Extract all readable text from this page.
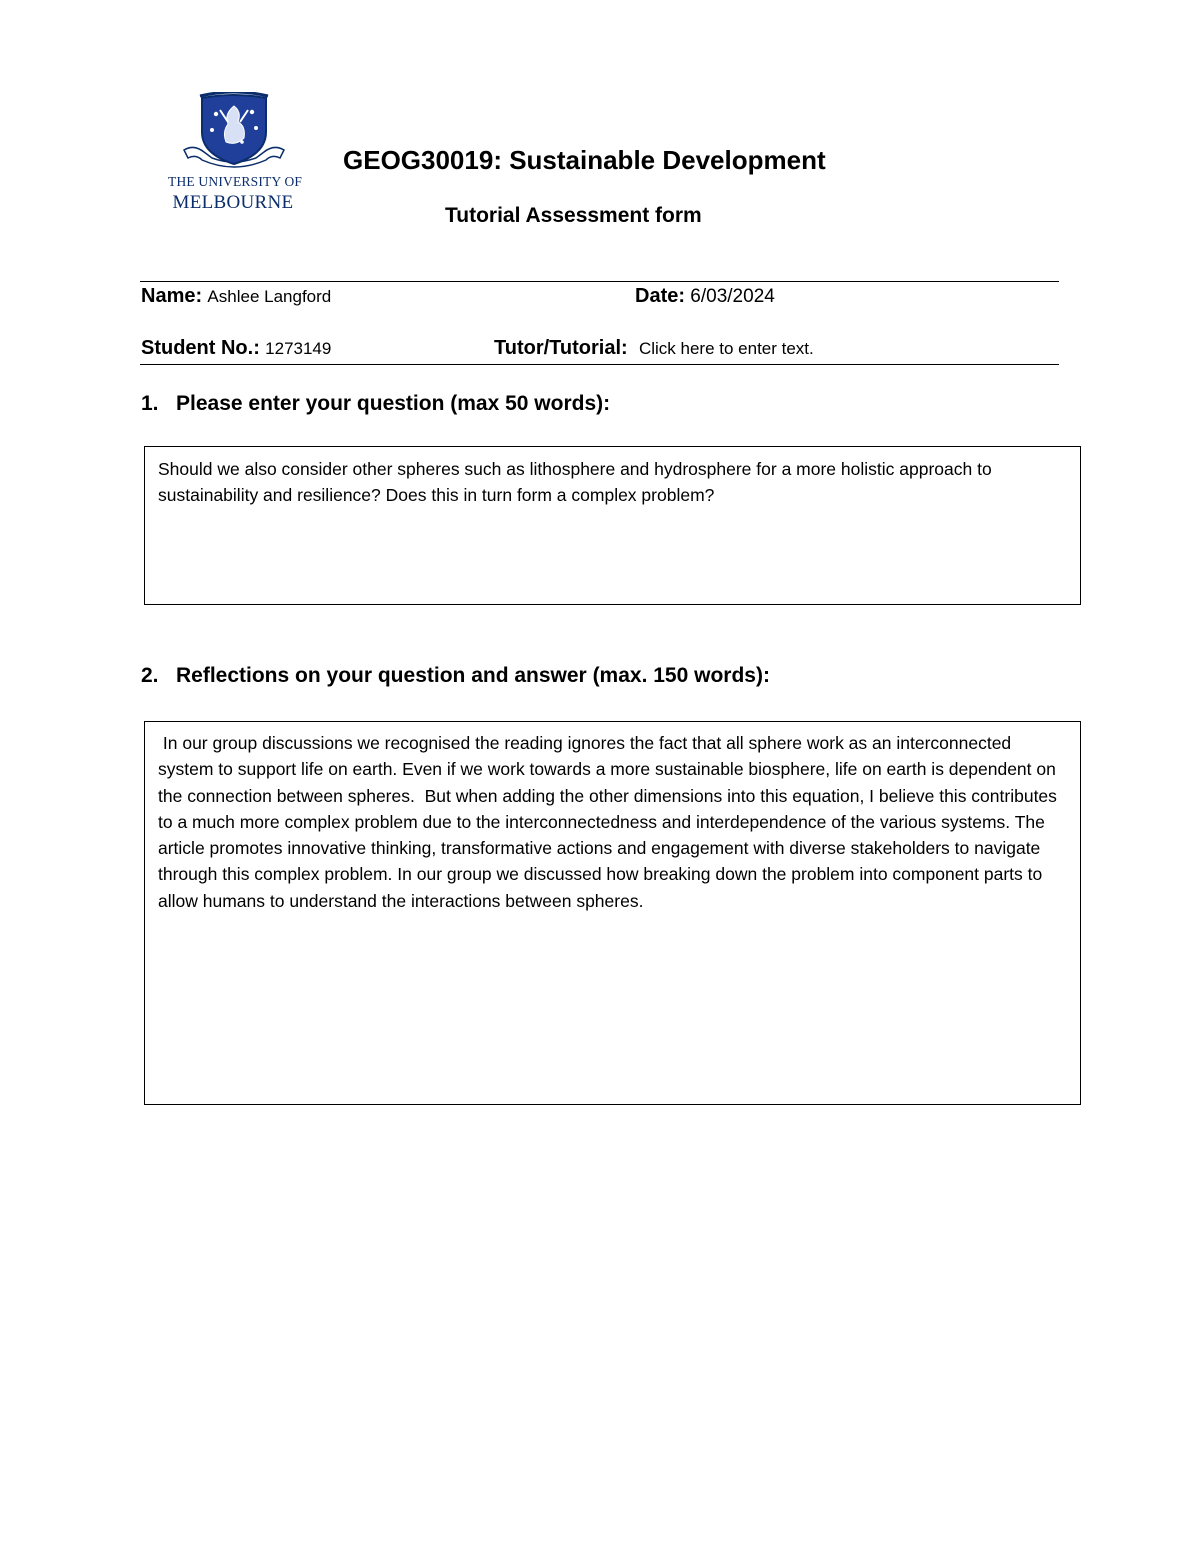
THE UNIVERSITY OF
MELBOURNE
GEOG30019: Sustainable Development
Tutorial Assessment form
Name: Ashlee Langford	Date: 6/03/2024
Student No.: 1273149	Tutor/Tutorial: Click here to enter text.
1. Please enter your question (max 50 words):
Should we also consider other spheres such as lithosphere and hydrosphere for a more holistic approach to sustainability and resilience? Does this in turn form a complex problem?
2. Reflections on your question and answer (max. 150 words):
In our group discussions we recognised the reading ignores the fact that all sphere work as an interconnected system to support life on earth. Even if we work towards a more sustainable biosphere, life on earth is dependent on the connection between spheres.  But when adding the other dimensions into this equation, I believe this contributes to a much more complex problem due to the interconnectedness and interdependence of the various systems. The article promotes innovative thinking, transformative actions and engagement with diverse stakeholders to navigate through this complex problem. In our group we discussed how breaking down the problem into component parts to allow humans to understand the interactions between spheres.
